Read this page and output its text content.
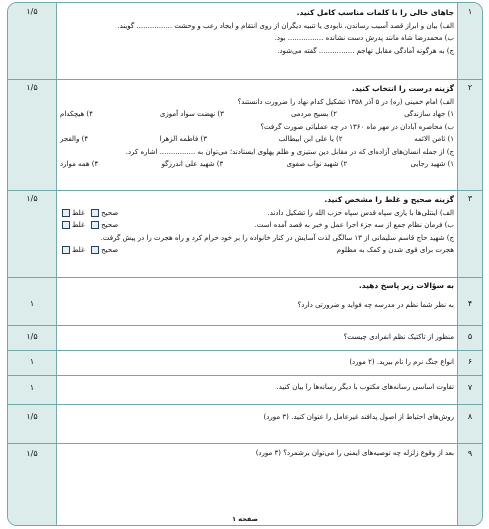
۱
۱/۵	جاهای خالی را با کلمات مناسب کامل کنید.
الف) بیان و ابراز قصد آسیب رساندن، نابودی یا تنبیه دیگران از روی انتقام و ایجاد رعب و وحشت ................ گویند.
ب) محمدرضا شاه مانند پدرش دست نشانده ................ بود.
ج) به هرگونه آمادگی مقابل تهاجم ................ گفته می‌شود.
۲
۱/۵	گزینه درست را انتخاب کنید.
الف) امام خمینی (ره) در ۵ آذر ۱۳۵۸ تشکیل کدام نهاد را ضرورت دانستند؟
۱) جهاد سازندگی
۲) بسیج مردمی
۳) نهضت سواد آموزی
۴) هیچکدام
ب) محاصره آبادان در مهر ماه ۱۳۶۰ در چه عملیاتی صورت گرفت؟
۱) ثامن الائمه
۲) یا علی ابن ابیطالب
۳) فاطمه الزهرا
۴) والفجر
ج) از جمله انسان‌های آزاده‌ای که در مقابل دین ستیزی و ظلم پهلوی ایستادند؛ می‌توان به ................ اشاره کرد.
۱) شهید رجایی
۲) شهید نواب صفوی
۳) شهید علی اندرزگو
۴) همه موارد
۳
۱/۵	گزینه صحیح و غلط را مشخص کنید.
الف) اینتلی‌ها با یاری سپاه قدس سپاه حزب الله را تشکیل دادند.
صحیح  غلط
ب) فرمان نظام جمع از سه جزء اجرا عمل و خبر به قصد آمده است.
صحیح  غلط
ج) شهید حاج قاسم سلیمانی از ۱۳ سالگی لذت آسایش در کنار خانواده را بر خود حرام کرد و راه هجرت را در پیش گرفت.
هجرت برای قوی شدن و کمک به مظلوم
صحیح  غلط
۴
۱
به سؤالات زیر پاسخ دهید.
به نظر شما نظم در مدرسه چه فواید و ضرورتی دارد؟
۵
۱/۵	منظور از تاکتیک نظم انفرادی چیست؟
۶
۱	انواع جنگ نرم را نام ببرید. (۲ مورد)
۷
۱	تفاوت اساسی رسانه‌های مکتوب با دیگر رسانه‌ها را بیان کنید.
۸
۱/۵	روش‌های احتیاط از اصول پدافند غیرعامل را عنوان کنید. (۳ مورد)
۹
۱/۵	بعد از وقوع زلزله چه توصیه‌های ایمنی را می‌توان برشمرد؟ (۳ مورد)
صفحه ۱
